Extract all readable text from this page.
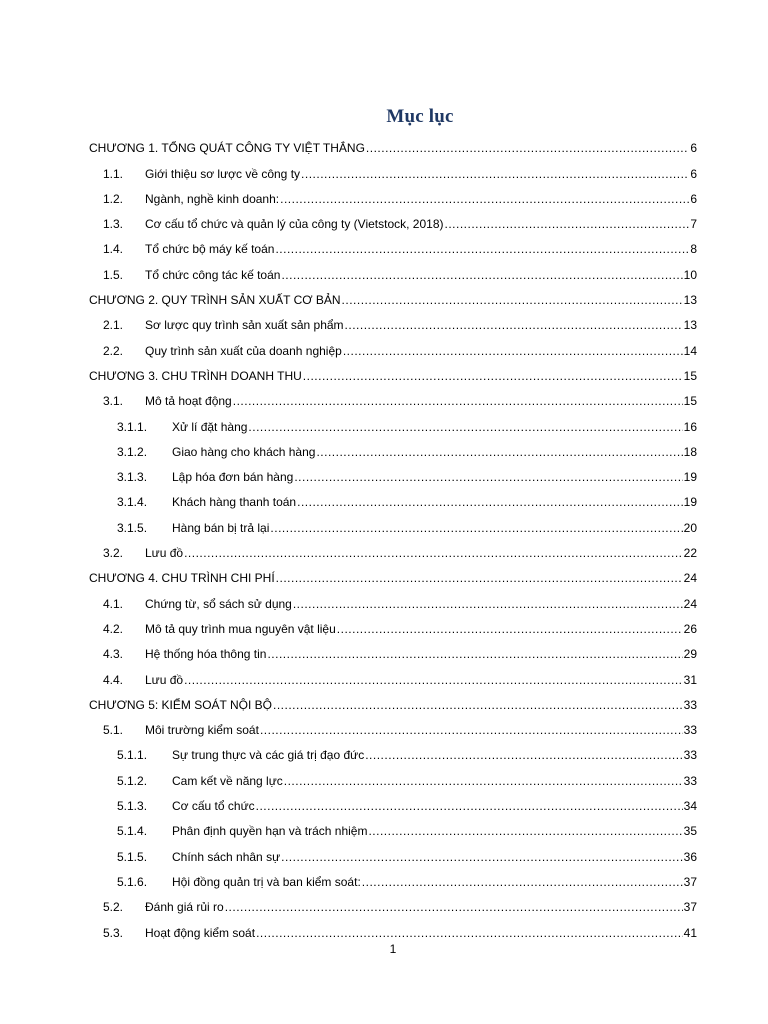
Mục lục
CHƯƠNG 1. TỔNG QUÁT CÔNG TY VIỆT THẮNG .....	6
1.1.	Giới thiệu sơ lược về công ty .....	6
1.2.	Ngành, nghề kinh doanh: .....	6
1.3.	Cơ cấu tổ chức và quản lý của công ty (Vietstock, 2018) .....	7
1.4.	Tổ chức bộ máy kế toán .....	8
1.5.	Tổ chức công tác kế toán .....	10
CHƯƠNG 2. QUY TRÌNH SẢN XUẤT CƠ BẢN .....	13
2.1.	Sơ lược quy trình sản xuất sản phẩm .....	13
2.2.	Quy trình sản xuất của doanh nghiệp .....	14
CHƯƠNG 3. CHU TRÌNH DOANH THU .....	15
3.1.	Mô tả hoạt động .....	15
3.1.1.	Xử lí đặt hàng .....	16
3.1.2.	Giao hàng cho khách hàng .....	18
3.1.3.	Lập hóa đơn bán hàng .....	19
3.1.4.	Khách hàng thanh toán .....	19
3.1.5.	Hàng bán bị trả lại .....	20
3.2.	Lưu đồ .....	22
CHƯƠNG 4. CHU TRÌNH CHI PHÍ .....	24
4.1.	Chứng từ, sổ sách sử dụng .....	24
4.2.	Mô tả quy trình mua nguyên vật liệu .....	26
4.3.	Hệ thống hóa thông tin .....	29
4.4.	Lưu đồ .....	31
CHƯƠNG 5: KIỂM SOÁT NỘI BỘ .....	33
5.1.	Môi trường kiểm soát .....	33
5.1.1.	Sự trung thực và các giá trị đạo đức .....	33
5.1.2.	Cam kết về năng lực .....	33
5.1.3.	Cơ cấu tổ chức .....	34
5.1.4.	Phân định quyền hạn và trách nhiệm .....	35
5.1.5.	Chính sách nhân sự .....	36
5.1.6.	Hội đồng quản trị và ban kiểm soát: .....	37
5.2.	Đánh giá rủi ro .....	37
5.3.	Hoạt động kiểm soát .....	41
1
